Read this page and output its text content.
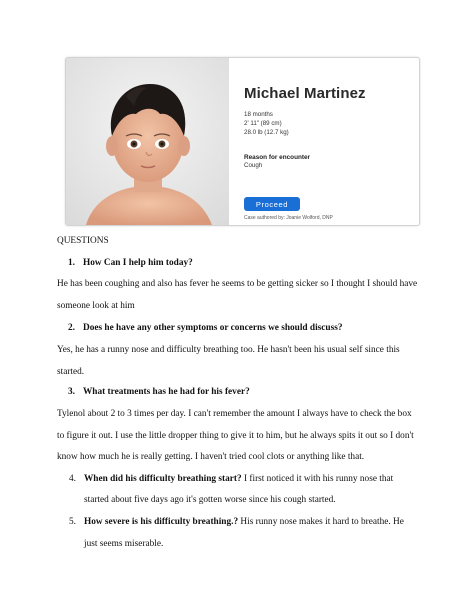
Michael Martinez
18 months
2' 11" (89 cm)
28.0 lb (12.7 kg)
Reason for encounter
Cough
Proceed
Case authored by: Joanie Wolford, DNP
QUESTIONS
1. How Can I help him today?
He has been coughing and also has fever he seems to be getting sicker so I thought I should have
someone look at him
2. Does he have any other symptoms or concerns we should discuss?
Yes, he has a runny nose and difficulty breathing too. He hasn't been his usual self since this
started.
3. What treatments has he had for his fever?
Tylenol about 2 to 3 times per day. I can't remember the amount I always have to check the box
to figure it out. I use the little dropper thing to give it to him, but he always spits it out so I don't
know how much he is really getting. I haven't tried cool clots or anything like that.
4. When did his difficulty breathing start? I first noticed it with his runny nose that
started about five days ago it's gotten worse since his cough started.
5. How severe is his difficulty breathing.? His runny nose makes it hard to breathe. He
just seems miserable.
